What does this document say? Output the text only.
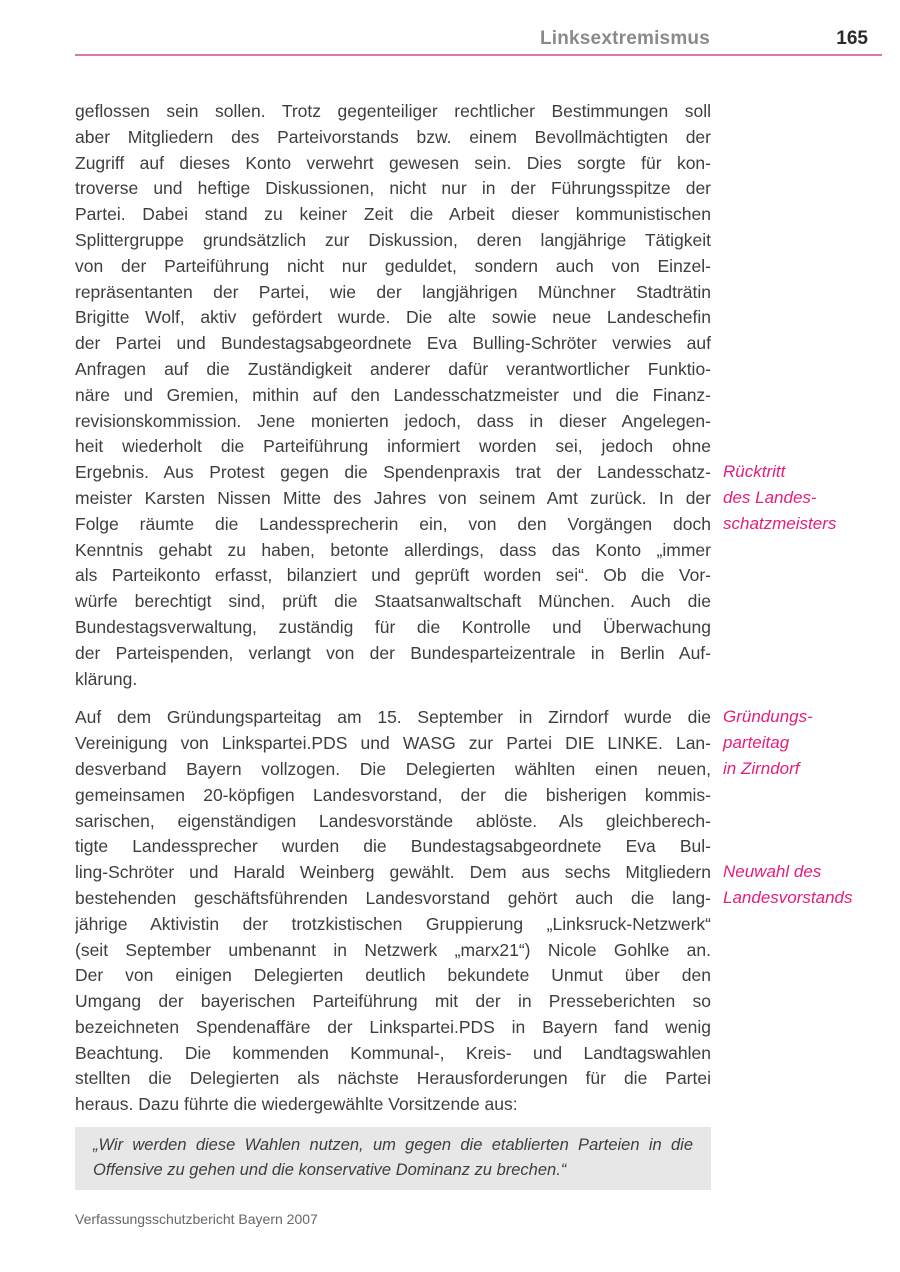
Linksextremismus	165
geflossen sein sollen. Trotz gegenteiliger rechtlicher Bestimmungen soll
aber Mitgliedern des Parteivorstands bzw. einem Bevollmächtigten der
Zugriff auf dieses Konto verwehrt gewesen sein. Dies sorgte für kon-
troverse und heftige Diskussionen, nicht nur in der Führungsspitze der
Partei. Dabei stand zu keiner Zeit die Arbeit dieser kommunistischen
Splittergruppe grundsätzlich zur Diskussion, deren langjährige Tätigkeit
von der Parteiführung nicht nur geduldet, sondern auch von Einzel-
repräsentanten der Partei, wie der langjährigen Münchner Stadträtin
Brigitte Wolf, aktiv gefördert wurde. Die alte sowie neue Landeschefin
der Partei und Bundestagsabgeordnete Eva Bulling-Schröter verwies auf
Anfragen auf die Zuständigkeit anderer dafür verantwortlicher Funktio-
näre und Gremien, mithin auf den Landesschatzmeister und die Finanz-
revisionskommission. Jene monierten jedoch, dass in dieser Angelegen-
heit wiederholt die Parteiführung informiert worden sei, jedoch ohne
Ergebnis. Aus Protest gegen die Spendenpraxis trat der Landesschatz-
meister Karsten Nissen Mitte des Jahres von seinem Amt zurück. In der
Folge räumte die Landessprecherin ein, von den Vorgängen doch
Kenntnis gehabt zu haben, betonte allerdings, dass das Konto „immer
als Parteikonto erfasst, bilanziert und geprüft worden sei“. Ob die Vor-
würfe berechtigt sind, prüft die Staatsanwaltschaft München. Auch die
Bundestagsverwaltung, zuständig für die Kontrolle und Überwachung
der Parteispenden, verlangt von der Bundesparteizentrale in Berlin Auf-
klärung.
Auf dem Gründungsparteitag am 15. September in Zirndorf wurde die
Vereinigung von Linkspartei.PDS und WASG zur Partei DIE LINKE. Lan-
desverband Bayern vollzogen. Die Delegierten wählten einen neuen,
gemeinsamen 20-köpfigen Landesvorstand, der die bisherigen kommis-
sarischen, eigenständigen Landesvorstände ablöste. Als gleichberech-
tigte Landessprecher wurden die Bundestagsabgeordnete Eva Bul-
ling-Schröter und Harald Weinberg gewählt. Dem aus sechs Mitgliedern
bestehenden geschäftsführenden Landesvorstand gehört auch die lang-
jährige Aktivistin der trotzkistischen Gruppierung „Linksruck-Netzwerk“
(seit September umbenannt in Netzwerk „marx21“) Nicole Gohlke an.
Der von einigen Delegierten deutlich bekundete Unmut über den
Umgang der bayerischen Parteiführung mit der in Presseberichten so
bezeichneten Spendenaffäre der Linkspartei.PDS in Bayern fand wenig
Beachtung. Die kommenden Kommunal-, Kreis- und Landtagswahlen
stellten die Delegierten als nächste Herausforderungen für die Partei
heraus. Dazu führte die wiedergewählte Vorsitzende aus:
„Wir werden diese Wahlen nutzen, um gegen die etablierten Parteien in die
Offensive zu gehen und die konservative Dominanz zu brechen.“
Rücktritt
des Landes-
schatzmeisters
Gründungs-
parteitag
in Zirndorf
Neuwahl des
Landesvorstands
Verfassungsschutzbericht Bayern 2007
